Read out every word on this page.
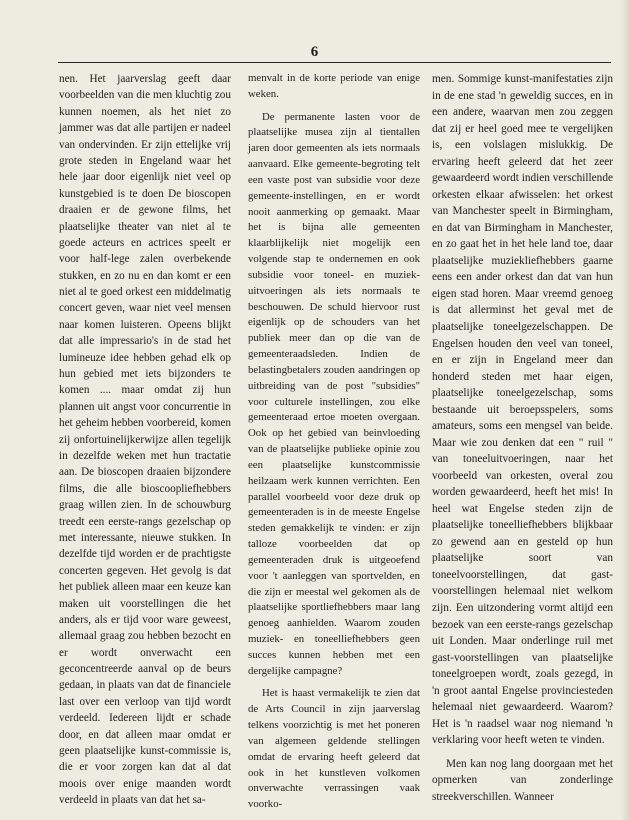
6

nen. Het jaarverslag geeft daar voorbeelden van die men kluchtig zou kunnen noemen, als het niet zo jammer was dat alle partijen er nadeel van ondervinden. Er zijn ettelijke vrij grote steden in Engeland waar het hele jaar door eigenlijk niet veel op kunstgebied is te doen De bioscopen draaien er de gewone films, het plaatselijke theater van niet al te goede acteurs en actrices speelt er voor half-lege zalen overbekende stukken, en zo nu en dan komt er een niet al te goed orkest een middelmatig concert geven, waar niet veel mensen naar komen luisteren. Opeens blijkt dat alle impressario's in de stad het lumineuze idee hebben gehad elk op hun gebied met iets bijzonders te komen .... maar omdat zij hun plannen uit angst voor concurrentie in het geheim hebben voorbereid, komen zij onfortuinelijkerwijze allen tegelijk in dezelfde weken met hun tractatie aan. De bioscopen draaien bijzondere films, die alle bioscoopliefhebbers graag willen zien. In de schouwburg treedt een eerste-rangs gezelschap op met interessante, nieuwe stukken. In dezelfde tijd worden er de prachtigste concerten gegeven. Het gevolg is dat het publiek alleen maar een keuze kan maken uit voorstellingen die het anders, als er tijd voor ware geweest, allemaal graag zou hebben bezocht en er wordt onverwacht een geconcentreerde aanval op de beurs gedaan, in plaats van dat de financiele last over een verloop van tijd wordt verdeeld. Iedereen lijdt er schade door, en dat alleen maar omdat er geen plaatselijke kunst-commissie is, die er voor zorgen kan dat al dat moois over enige maanden wordt verdeeld in plaats van dat het sa-

menvalt in de korte periode van enige weken.

De permanente lasten voor de plaatselijke musea zijn al tientallen jaren door gemeenten als iets normaals aanvaard. Elke gemeente-begroting telt een vaste post van subsidie voor deze gemeente-instellingen, en er wordt nooit aanmerking op gemaakt. Maar het is bijna alle gemeenten klaarblijkelijk niet mogelijk een volgende stap te ondernemen en ook subsidie voor toneel- en muziek-uitvoeringen als iets normaals te beschouwen. De schuld hiervoor rust eigenlijk op de schouders van het publiek meer dan op die van de gemeenteraadsleden. Indien de belastingbetalers zouden aandringen op uitbreiding van de post "subsidies" voor culturele instellingen, zou elke gemeenteraad ertoe moeten overgaan. Ook op het gebied van beinvloeding van de plaatselijke publieke opinie zou een plaatselijke kunstcommissie heilzaam werk kunnen verrichten. Een parallel voorbeeld voor deze druk op gemeenteraden is in de meeste Engelse steden gemakkelijk te vinden: er zijn talloze voorbeelden dat op gemeenteraden druk is uitgeoefend voor 't aanleggen van sportvelden, en die zijn er meestal wel gekomen als de plaatselijke sportliefhebbers maar lang genoeg aanhielden. Waarom zouden muziek- en toneelliefhebbers geen succes kunnen hebben met een dergelijke campagne?

Het is haast vermakelijk te zien dat de Arts Council in zijn jaarverslag telkens voorzichtig is met het poneren van algemeen geldende stellingen omdat de ervaring heeft geleerd dat ook in het kunstleven volkomen onverwachte verrassingen vaak voorko-

men. Sommige kunst-manifestaties zijn in de ene stad 'n geweldig succes, en in een andere, waarvan men zou zeggen dat zij er heel goed mee te vergelijken is, een volslagen mislukkig. De ervaring heeft geleerd dat het zeer gewaardeerd wordt indien verschillende orkesten elkaar afwisselen: het orkest van Manchester speelt in Birmingham, en dat van Birmingham in Manchester, en zo gaat het in het hele land toe, daar plaatselijke muziekliefhebbers gaarne eens een ander orkest dan dat van hun eigen stad horen. Maar vreemd genoeg is dat allerminst het geval met de plaatselijke toneelgezelschappen. De Engelsen houden den veel van toneel, en er zijn in Engeland meer dan honderd steden met haar eigen, plaatselijke toneelgezelschap, soms bestaande uit beroepsspelers, soms amateurs, soms een mengsel van beide. Maar wie zou denken dat een " ruil " van toneeluitvoeringen, naar het voorbeeld van orkesten, overal zou worden gewaardeerd, heeft het mis! In heel wat Engelse steden zijn de plaatselijke toneelliefhebbers blijkbaar zo gewend aan en gesteld op hun plaatselijke soort van toneelvoorstellingen, dat gast-voorstellingen helemaal niet welkom zijn. Een uitzondering vormt altijd een bezoek van een eerste-rangs gezelschap uit Londen. Maar onderlinge ruil met gast-voorstellingen van plaatselijke toneelgroepen wordt, zoals gezegd, in 'n groot aantal Engelse provinciesteden helemaal niet gewaardeerd. Waarom? Het is 'n raadsel waar nog niemand 'n verklaring voor heeft weten te vinden.

Men kan nog lang doorgaan met het opmerken van zonderlinge streekverschillen. Wanneer
